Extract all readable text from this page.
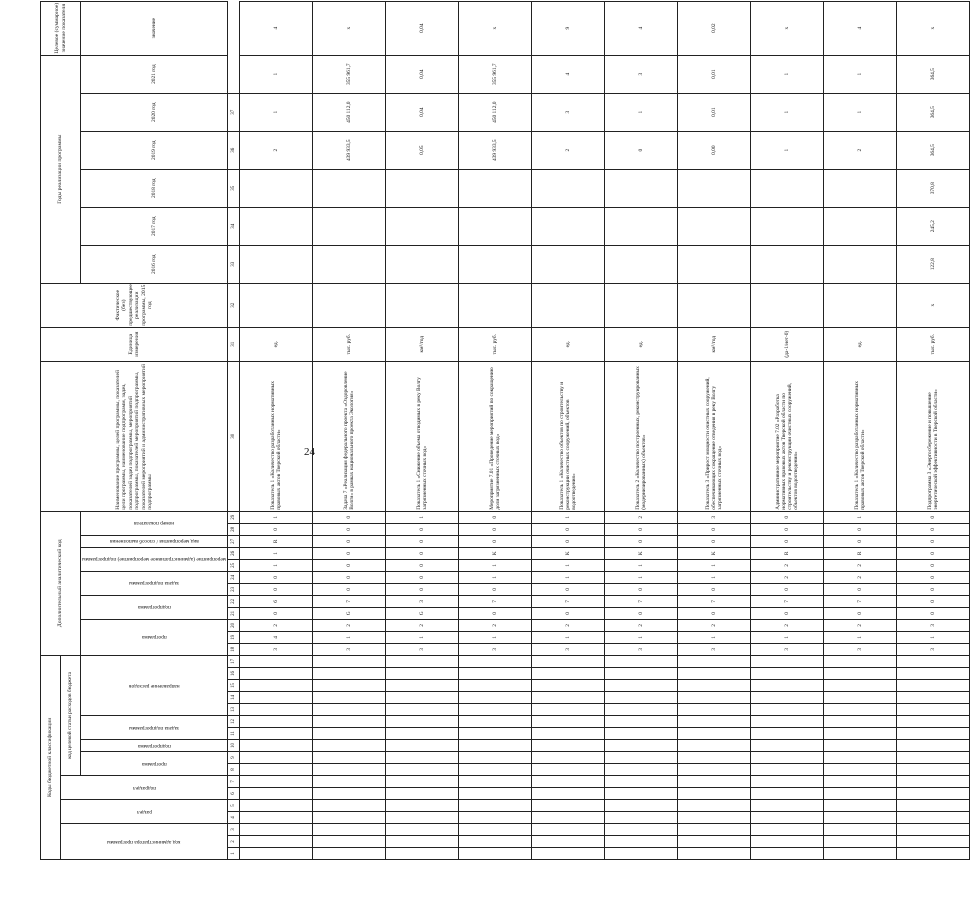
24
Коды бюджетной классификации																	Дополнительный аналитический код												Наименование программы, целей программы, показателей цели программы, наименование подпрограмм, задач, показателей задач подпрограммы, мероприятий подпрограммы, показателей мероприятий подпрограммы, показателей мероприятий и административных мероприятий подпрограммы	Единица измерения	Фактическое (без) предшествующее реализации программы, 2015 год	Годы реализации программы						Целевое (суммарное) значение показателя

код администратора программы			раздел		подраздел		код целевой статьи расходов бюджета																															

							программа		подпрограмма	задача подпрограммы		направление расходов					программа			подпрограмма		задача подпрограммы		мероприятие (административное мероприятие) подпрограммы		вид мероприятия / способ выполнения	номер показателя					2016 год	2017 год	2018 год	2019 год	2020 год	2021 год	значение
1	2	3	4	5	6	7	8	9	10	11	12	13	14	15	16	17	18	19	20	21	22	23	24	25	26	27	28	29	30	31	32	33	34	35	36	37		
																	3	4	2	0	6	0	0	1	1	R	0	1	Показатель 1 «Количество разработанных нормативных правовых актов Тверской области»	ед.					2	1	1	4
																	3	1	2	G	7	0	0	0	0	0	0	0	Задача 7 «Реализация федерального проекта «Оздоровление Волги» в рамках национального проекта Экология»	тыс. руб.					439 933,5	450 112,0	355 961,7	х
																	3	1	2	G	3	0	0	0	0	0	0	1	Показатель 1 «Снижение объема отводимых в реку Волгу загрязненных сточных вод»	км³/год					0,05	0,04	0,04	0,04
																	3	1	2	0	7	0	1	1	K	0	0	0	Мероприятие 7.01 «Проведение мероприятий по сокращению доли загрязненных сточных вод»	тыс. руб.					439 933,5	450 112,0	355 961,7	х
																	3	1	2	0	7	0	1	1	K	0	0	1	Показатель 1 «Количество объектов по строительству и реконструкции очистных сооружений, объектов водоотведения»	ед.					2	3	4	9
																	3	1	2	0	7	0	1	1	K	0	0	2	Показатель 2 «Количество построенных, реконструированных (модернизированных) объектов»	ед.					0	1	3	4
																	3	1	2	0	7	0	1	1	K	0	0	3	Показатель 3 «Прирост мощности очистных сооружений, обеспечивающих сокращение отведения в реку Волгу загрязненных сточных вод»	км³/год					0,00	0,01	0,01	0,02
																	3	1	2	0	7	0	2	2	R	0	0	0	Административное мероприятие 7.02 «Разработка нормативных правовых актов Тверской области по строительству и реконструкции очистных сооружений, объектов водоотведения»	(да-1/нет-0)					1	1	1	х
																	3	1	2	0	7	0	2	2	R	0	0	1	Показатель 1 «Количество разработанных нормативных правовых актов Тверской области»	ед.					2	1	1	4
																	3	1	3	0	0	0	0	0	0	0	0	0	Подпрограмма 3 «Энергосбережение и повышение энергетической эффективности в Тверской области»	тыс. руб.	х	122,8	245,2	370,8	364,5	364,5	364,5	х
